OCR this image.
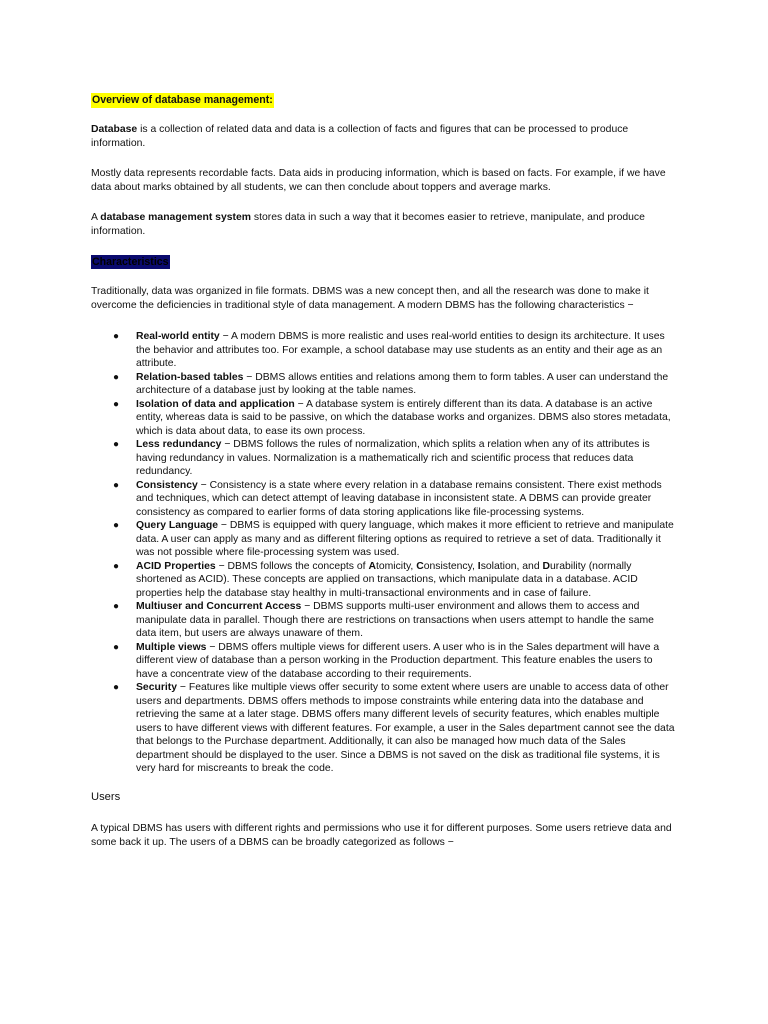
Overview of database management:

Database is a collection of related data and data is a collection of facts and figures that can be processed to produce information.

Mostly data represents recordable facts. Data aids in producing information, which is based on facts. For example, if we have data about marks obtained by all students, we can then conclude about toppers and average marks.

A database management system stores data in such a way that it becomes easier to retrieve, manipulate, and produce information.

Characteristics

Traditionally, data was organized in file formats. DBMS was a new concept then, and all the research was done to make it overcome the deficiencies in traditional style of data management. A modern DBMS has the following characteristics −

● Real-world entity − A modern DBMS is more realistic and uses real-world entities to design its architecture. It uses the behavior and attributes too. For example, a school database may use students as an entity and their age as an attribute.
● Relation-based tables − DBMS allows entities and relations among them to form tables. A user can understand the architecture of a database just by looking at the table names.
● Isolation of data and application − A database system is entirely different than its data. A database is an active entity, whereas data is said to be passive, on which the database works and organizes. DBMS also stores metadata, which is data about data, to ease its own process.
● Less redundancy − DBMS follows the rules of normalization, which splits a relation when any of its attributes is having redundancy in values. Normalization is a mathematically rich and scientific process that reduces data redundancy.
● Consistency − Consistency is a state where every relation in a database remains consistent. There exist methods and techniques, which can detect attempt of leaving database in inconsistent state. A DBMS can provide greater consistency as compared to earlier forms of data storing applications like file-processing systems.
● Query Language − DBMS is equipped with query language, which makes it more efficient to retrieve and manipulate data. A user can apply as many and as different filtering options as required to retrieve a set of data. Traditionally it was not possible where file-processing system was used.
● ACID Properties − DBMS follows the concepts of Atomicity, Consistency, Isolation, and Durability (normally shortened as ACID). These concepts are applied on transactions, which manipulate data in a database. ACID properties help the database stay healthy in multi-transactional environments and in case of failure.
● Multiuser and Concurrent Access − DBMS supports multi-user environment and allows them to access and manipulate data in parallel. Though there are restrictions on transactions when users attempt to handle the same data item, but users are always unaware of them.
● Multiple views − DBMS offers multiple views for different users. A user who is in the Sales department will have a different view of database than a person working in the Production department. This feature enables the users to have a concentrate view of the database according to their requirements.
● Security − Features like multiple views offer security to some extent where users are unable to access data of other users and departments. DBMS offers methods to impose constraints while entering data into the database and retrieving the same at a later stage. DBMS offers many different levels of security features, which enables multiple users to have different views with different features. For example, a user in the Sales department cannot see the data that belongs to the Purchase department. Additionally, it can also be managed how much data of the Sales department should be displayed to the user. Since a DBMS is not saved on the disk as traditional file systems, it is very hard for miscreants to break the code.

Users

A typical DBMS has users with different rights and permissions who use it for different purposes. Some users retrieve data and some back it up. The users of a DBMS can be broadly categorized as follows −
